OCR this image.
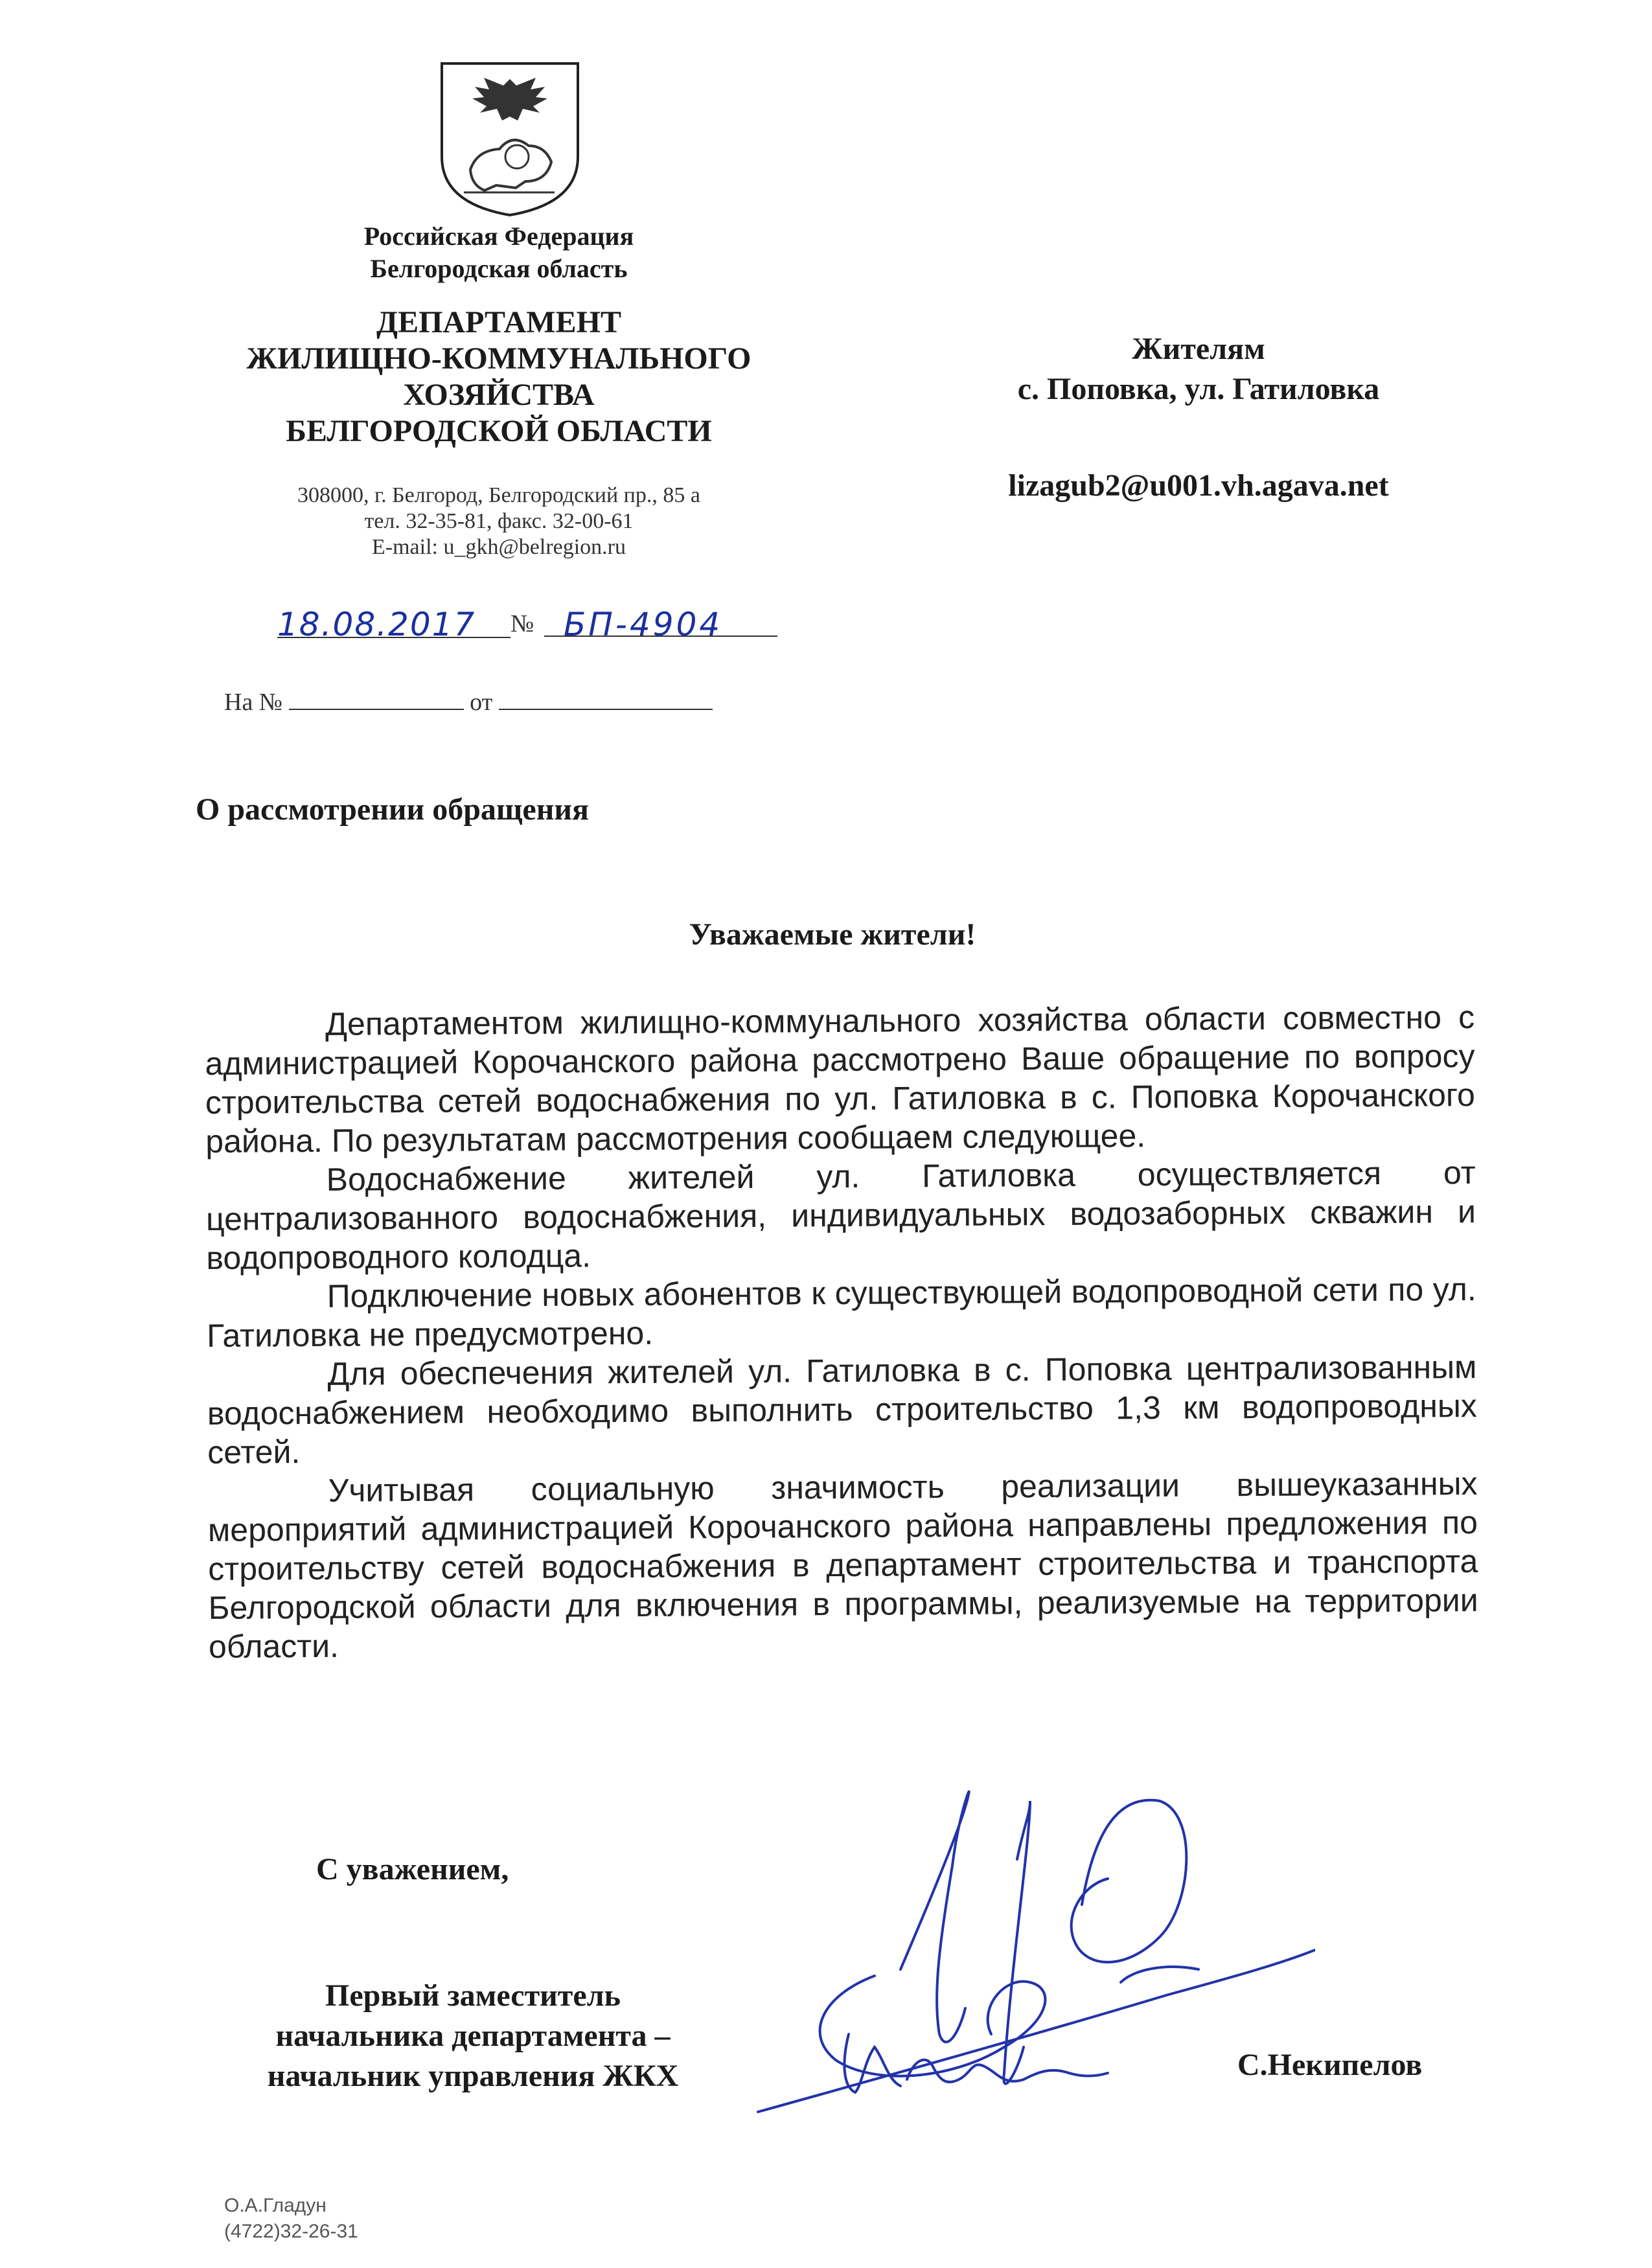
Российская Федерация
Белгородская область
ДЕПАРТАМЕНТ
ЖИЛИЩНО-КОММУНАЛЬНОГО
ХОЗЯЙСТВА
БЕЛГОРОДСКОЙ ОБЛАСТИ
308000, г. Белгород, Белгородский пр., 85 а
тел. 32-35-81, факс. 32-00-61
E-mail: u_gkh@belregion.ru
18.08.2017	№ БП-4904
На №	от
Жителям
с. Поповка, ул. Гатиловка
lizagub2@u001.vh.agava.net
О рассмотрении обращения
Уважаемые жители!

Департаментом жилищно-коммунального хозяйства области совместно с администрацией Корочанского района рассмотрено Ваше обращение по вопросу строительства сетей водоснабжения по ул. Гатиловка в с. Поповка Корочанского района. По результатам рассмотрения сообщаем следующее.

Водоснабжение жителей ул. Гатиловка осуществляется от централизованного водоснабжения, индивидуальных водозаборных скважин и водопроводного колодца.

Подключение новых абонентов к существующей водопроводной сети по ул. Гатиловка не предусмотрено.

Для обеспечения жителей ул. Гатиловка в с. Поповка централизованным водоснабжением необходимо выполнить строительство 1,3 км водопроводных сетей.

Учитывая социальную значимость реализации вышеуказанных мероприятий администрацией Корочанского района направлены предложения по строительству сетей водоснабжения в департамент строительства и транспорта Белгородской области для включения в программы, реализуемые на территории области.

С уважением,
Первый заместитель
начальника департамента –
начальник управления ЖКХ	С.Некипелов
О.А.Гладун
(4722)32-26-31
